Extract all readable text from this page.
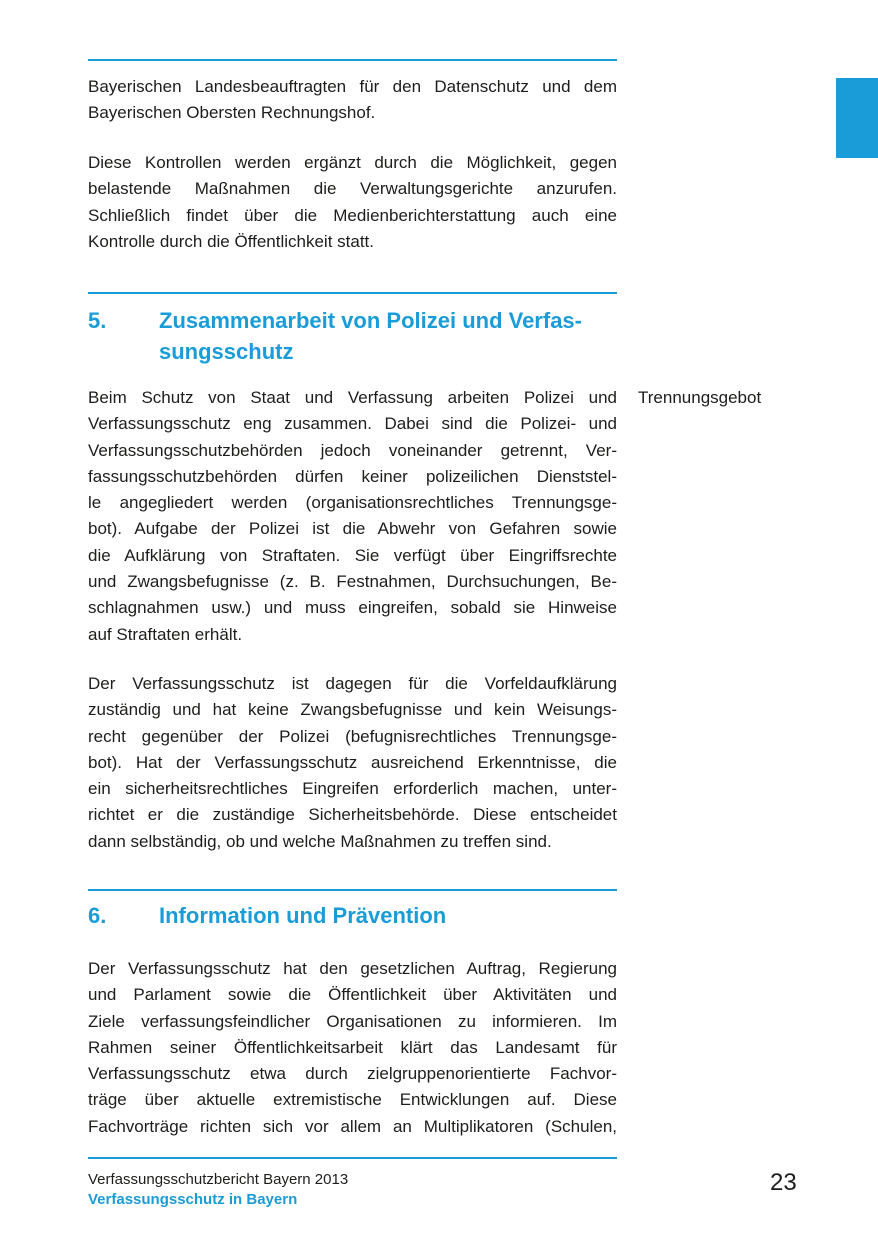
Bayerischen Landesbeauftragten für den Datenschutz und dem
Bayerischen Obersten Rechnungshof.
Diese Kontrollen werden ergänzt durch die Möglichkeit, gegen
belastende Maßnahmen die Verwaltungsgerichte anzurufen.
Schließlich findet über die Medienberichterstattung auch eine
Kontrolle durch die Öffentlichkeit statt.
5. Zusammenarbeit von Polizei und Verfas-
sungsschutz
Trennungsgebot
Beim Schutz von Staat und Verfassung arbeiten Polizei und
Verfassungsschutz eng zusammen. Dabei sind die Polizei- und
Verfassungsschutzbehörden jedoch voneinander getrennt, Ver-
fassungsschutzbehörden dürfen keiner polizeilichen Dienststel-
le angegliedert werden (organisationsrechtliches Trennungsge-
bot). Aufgabe der Polizei ist die Abwehr von Gefahren sowie
die Aufklärung von Straftaten. Sie verfügt über Eingriffsrechte
und Zwangsbefugnisse (z. B. Festnahmen, Durchsuchungen, Be-
schlagnahmen usw.) und muss eingreifen, sobald sie Hinweise
auf Straftaten erhält.
Der Verfassungsschutz ist dagegen für die Vorfeldaufklärung
zuständig und hat keine Zwangsbefugnisse und kein Weisungs-
recht gegenüber der Polizei (befugnisrechtliches Trennungsge-
bot). Hat der Verfassungsschutz ausreichend Erkenntnisse, die
ein sicherheitsrechtliches Eingreifen erforderlich machen, unter-
richtet er die zuständige Sicherheitsbehörde. Diese entscheidet
dann selbständig, ob und welche Maßnahmen zu treffen sind.
6. Information und Prävention
Der Verfassungsschutz hat den gesetzlichen Auftrag, Regierung
und Parlament sowie die Öffentlichkeit über Aktivitäten und
Ziele verfassungsfeindlicher Organisationen zu informieren. Im
Rahmen seiner Öffentlichkeitsarbeit klärt das Landesamt für
Verfassungsschutz etwa durch zielgruppenorientierte Fachvor-
träge über aktuelle extremistische Entwicklungen auf. Diese
Fachvorträge richten sich vor allem an Multiplikatoren (Schulen,
Verfassungsschutzbericht Bayern 2013
Verfassungsschutz in Bayern
23
